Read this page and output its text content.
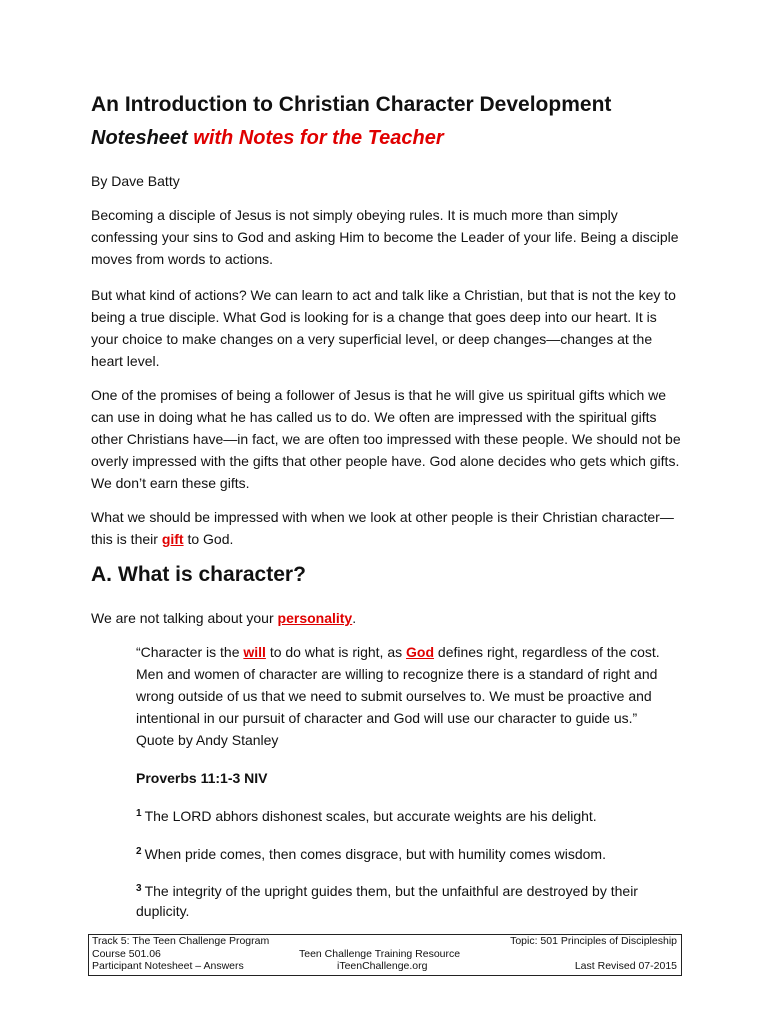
An Introduction to Christian Character Development
Notesheet with Notes for the Teacher

By Dave Batty

Becoming a disciple of Jesus is not simply obeying rules. It is much more than simply confessing your sins to God and asking Him to become the Leader of your life. Being a disciple moves from words to actions.

But what kind of actions? We can learn to act and talk like a Christian, but that is not the key to being a true disciple. What God is looking for is a change that goes deep into our heart. It is your choice to make changes on a very superficial level, or deep changes—changes at the heart level.

One of the promises of being a follower of Jesus is that he will give us spiritual gifts which we can use in doing what he has called us to do. We often are impressed with the spiritual gifts other Christians have—in fact, we are often too impressed with these people. We should not be overly impressed with the gifts that other people have. God alone decides who gets which gifts. We don’t earn these gifts.

What we should be impressed with when we look at other people is their Christian character—this is their gift to God.

A. What is character?

We are not talking about your personality.

“Character is the will to do what is right, as God defines right, regardless of the cost. Men and women of character are willing to recognize there is a standard of right and wrong outside of us that we need to submit ourselves to. We must be proactive and intentional in our pursuit of character and God will use our character to guide us.”
Quote by Andy Stanley

Proverbs 11:1-3 NIV

$^1$ The LORD abhors dishonest scales, but accurate weights are his delight.

$^2$ When pride comes, then comes disgrace, but with humility comes wisdom.

$^3$ The integrity of the upright guides them, but the unfaithful are destroyed by their duplicity.

Track 5: The Teen Challenge Program	Topic: 501 Principles of Discipleship
Course 501.06	Teen Challenge Training Resource
Participant Notesheet – Answers	iTeenChallenge.org	Last Revised 07-2015
